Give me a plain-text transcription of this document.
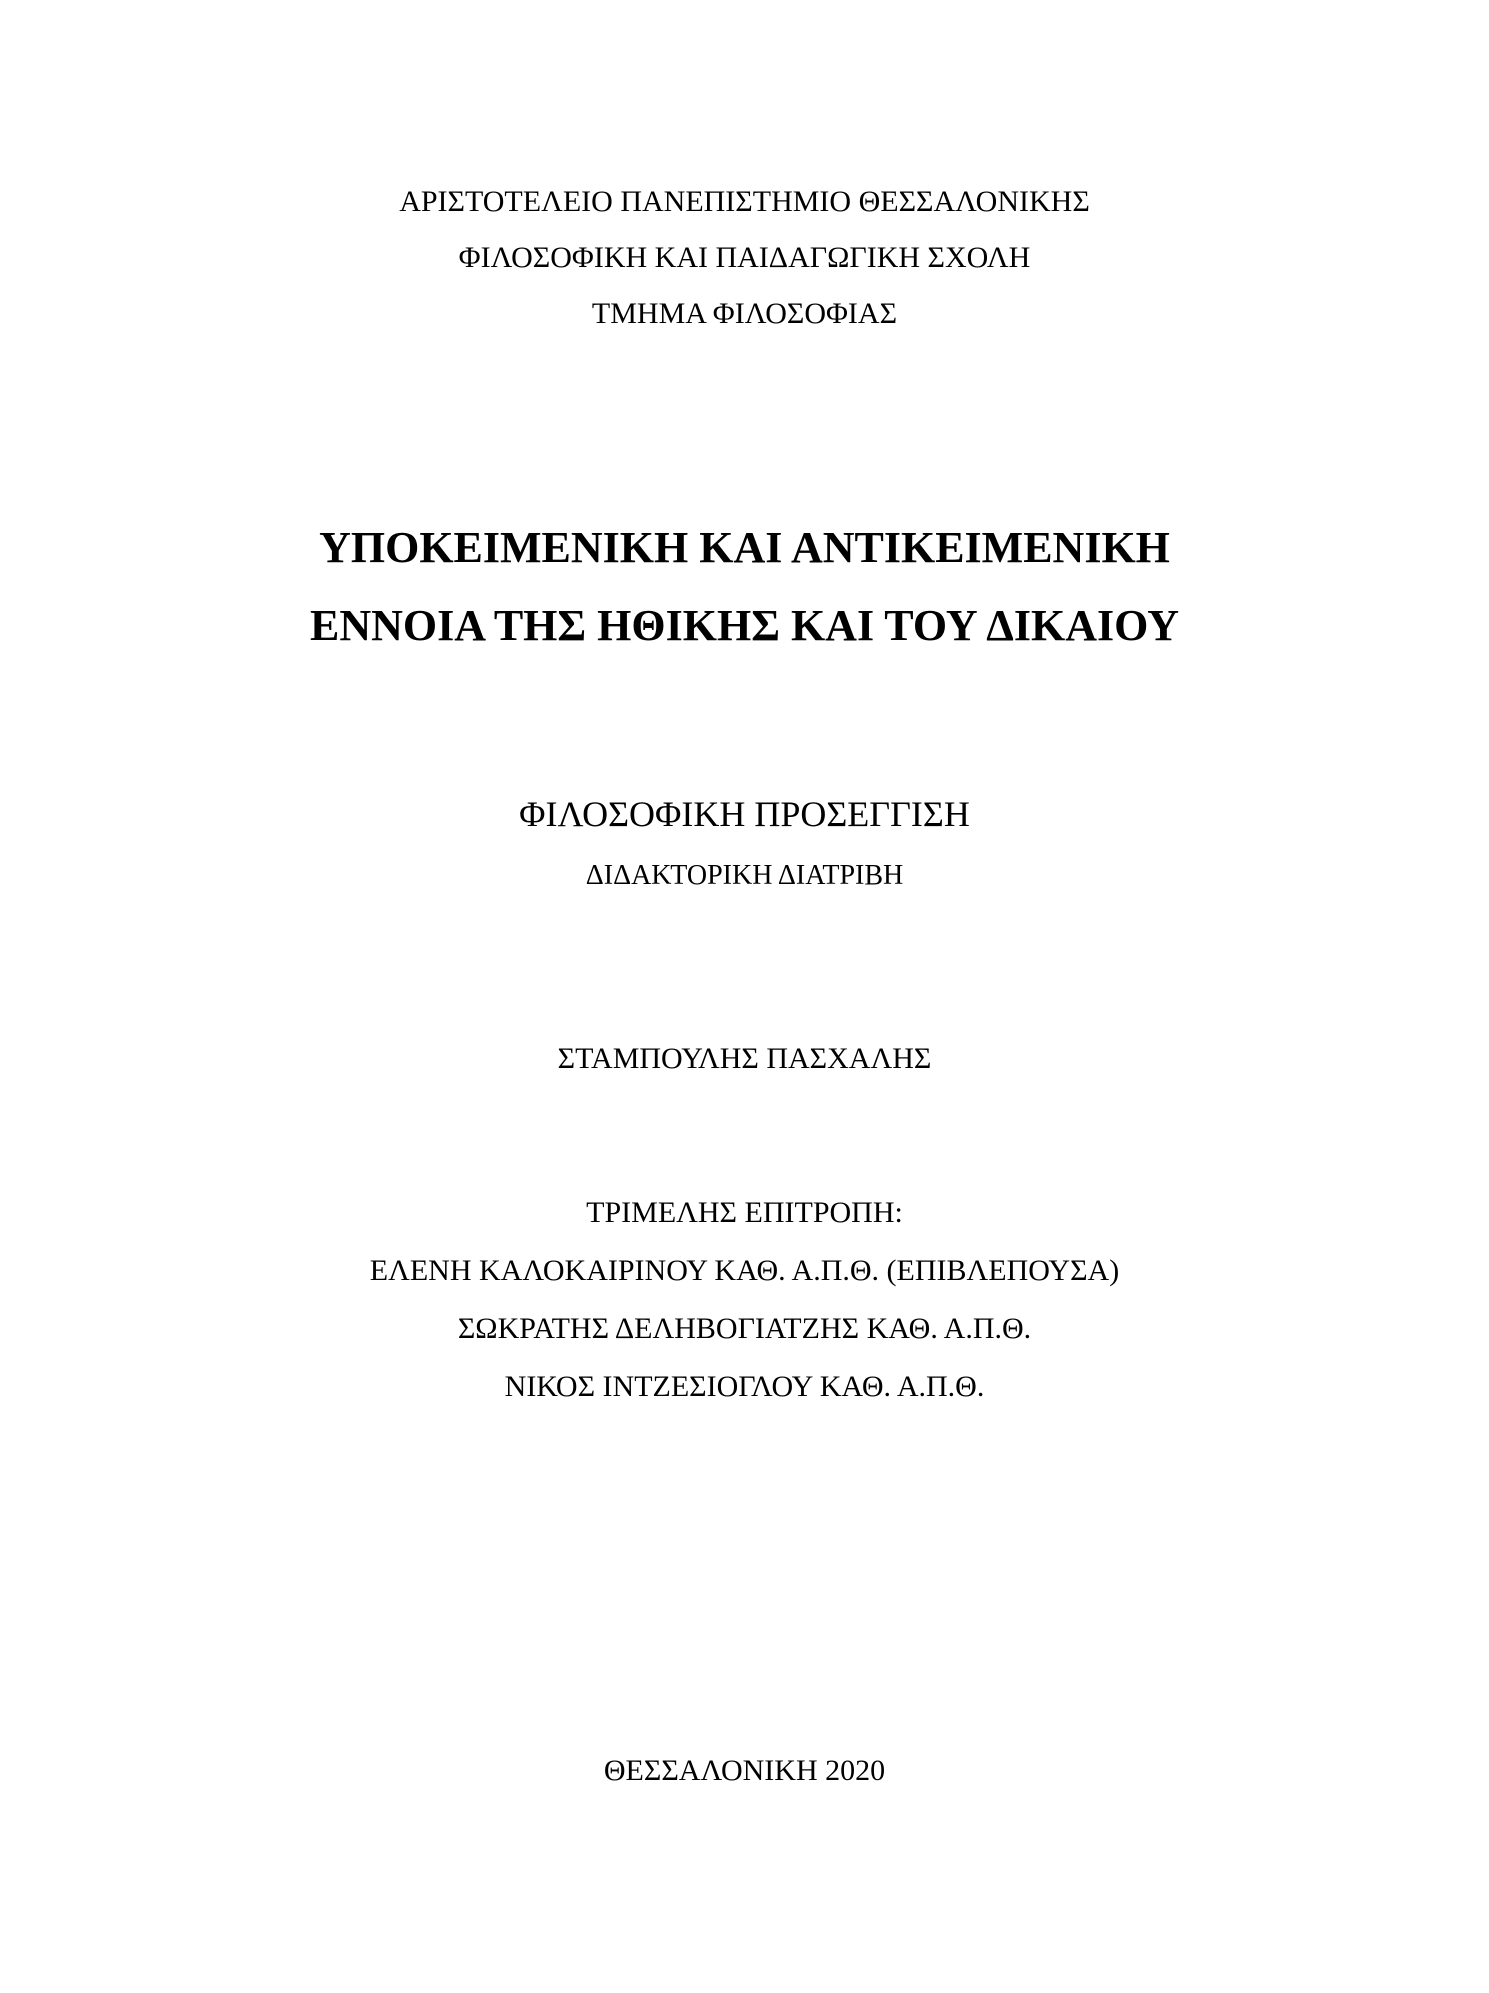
ΑΡΙΣΤΟΤΕΛΕΙΟ ΠΑΝΕΠΙΣΤΗΜΙΟ ΘΕΣΣΑΛΟΝΙΚΗΣ
ΦΙΛΟΣΟΦΙΚΗ ΚΑΙ ΠΑΙΔΑΓΩΓΙΚΗ ΣΧΟΛΗ
ΤΜΗΜΑ ΦΙΛΟΣΟΦΙΑΣ
ΥΠΟΚΕΙΜΕΝΙΚΗ ΚΑΙ ΑΝΤΙΚΕΙΜΕΝΙΚΗ
ΕΝΝΟΙΑ ΤΗΣ ΗΘΙΚΗΣ ΚΑΙ ΤΟΥ ΔΙΚΑΙΟΥ
ΦΙΛΟΣΟΦΙΚΗ ΠΡΟΣΕΓΓΙΣΗ
ΔΙΔΑΚΤΟΡΙΚΗ ΔΙΑΤΡΙΒΗ
ΣΤΑΜΠΟΥΛΗΣ ΠΑΣΧΑΛΗΣ
ΤΡΙΜΕΛΗΣ ΕΠΙΤΡΟΠΗ:
ΕΛΕΝΗ ΚΑΛΟΚΑΙΡΙΝΟΥ ΚΑΘ. Α.Π.Θ. (ΕΠΙΒΛΕΠΟΥΣΑ)
ΣΩΚΡΑΤΗΣ ΔΕΛΗΒΟΓΙΑΤΖΗΣ ΚΑΘ. Α.Π.Θ.
ΝΙΚΟΣ ΙΝΤΖΕΣΙΟΓΛΟΥ ΚΑΘ. Α.Π.Θ.
ΘΕΣΣΑΛΟΝΙΚΗ 2020
